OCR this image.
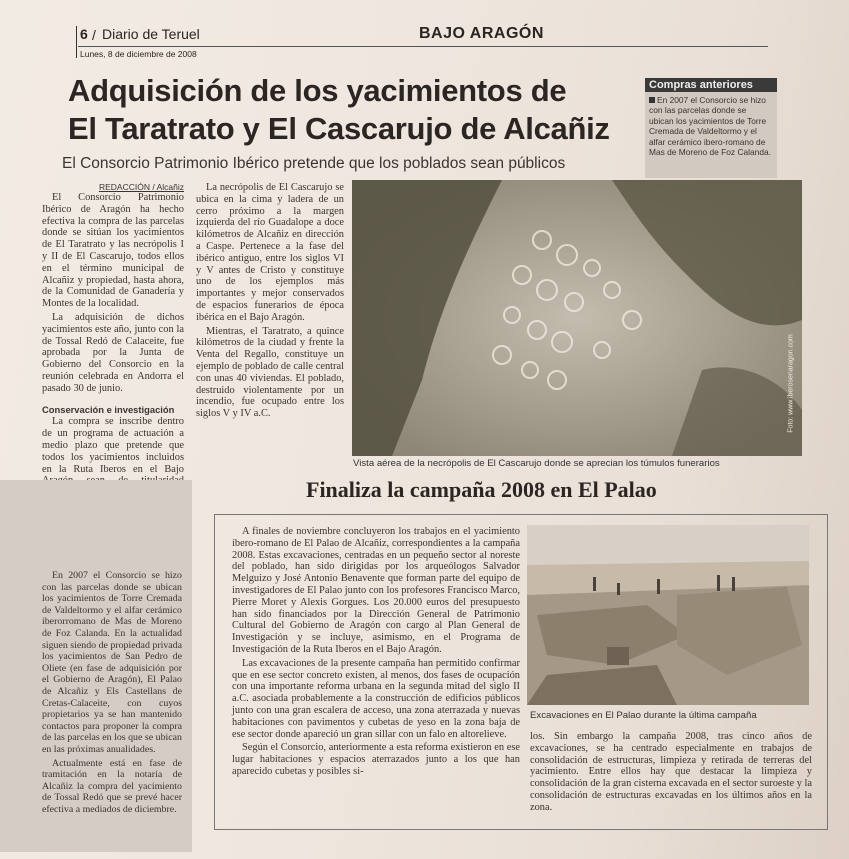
6 / Diario de Teruel	BAJO ARAGÓN
Lunes, 8 de diciembre de 2008
Adquisición de los yacimientos de
El Taratrato y El Cascarujo de Alcañiz
El Consorcio Patrimonio Ibérico pretende que los poblados sean públicos
Compras anteriores
En 2007 el Consorcio se hizo con las parcelas donde se ubican los yacimientos de Torre Cremada de Valdeltormo y el alfar cerámico ibero-romano de Mas de Moreno de Foz Calanda.
REDACCIÓN / Alcañiz

El Consorcio Patrimonio Ibérico de Aragón ha hecho efectiva la compra de las parcelas donde se sitúan los yacimientos de El Taratrato y las necrópolis I y II de El Cascarujo, todos ellos en el término municipal de Alcañiz y propiedad, hasta ahora, de la Comunidad de Ganadería y Montes de la localidad.

La adquisición de dichos yacimientos este año, junto con la de Tossal Redó de Calaceite, fue aprobada por la Junta de Gobierno del Consorcio en la reunión celebrada en Andorra el pasado 30 de junio.

Conservación e investigación

La compra se inscribe dentro de un programa de actuación a medio plazo que pretende que todos los yacimientos incluidos en la Ruta Iberos en el Bajo

En 2007 el Consorcio se hizo con las parcelas donde se ubican los yacimientos de Torre Cremada de Valdeltormo y el alfar cerámico iberorromano de Mas de Moreno de Foz Calanda. En la actualidad siguen siendo de propiedad privada los yacimientos de San Pedro de Oliete (en fase de adquisición por el Gobierno de Aragón), El Palao de Alcañiz y Els Castellans de Cretas-Calaceite, con cuyos propietarios ya se han mantenido contactos para proponer la compra de las parcelas en los que se ubican en las próximas anualidades.

Actualmente está en fase de tramitación en la notaría de Alcañiz la compra del yacimiento de Tossal Redó que se prevé hacer efectiva a mediados de diciembre.

La necrópolis de El Cascarujo se ubica en la cima y ladera de un cerro próximo a la margen izquierda del río Guadalope a doce kilómetros de Alcañiz en dirección a Caspe. Pertenece a la fase del ibérico antiguo, entre los siglos VI y V antes de Cristo y constituye uno de los ejemplos más importantes y mejor conservados de espacios funerarios de época ibérica en el Bajo Aragón.

Mientras, el Taratrato, a quince kilómetros de la ciudad y frente la Venta del Regallo, constituye un ejemplo de poblado de calle central con unas 40 viviendas. El poblado, destruido violentamente por un incendio, fue ocupado entre los siglos V y IV a.C.	Foto: www.iberosenaragon.com
Vista aérea de la necrópolis de El Cascarujo donde se aprecian los túmulos funerarios
Finaliza la campaña 2008 en El Palao

A finales de noviembre concluyeron los trabajos en el yacimiento íbero-romano de El Palao de Alcañiz, correspondientes a la campaña 2008. Estas excavaciones, centradas en un pequeño sector al noreste del poblado, han sido dirigidas por los arqueólogos Salvador Melguizo y José Antonio Benavente que forman parte del equipo de investigadores de El Palao junto con los profesores Francisco Marco, Pierre Moret y Alexis Gorgues. Los 20.000 euros del presupuesto han sido financiados por la Dirección General de Patrimonio Cultural del Gobierno de Aragón con cargo al Plan General de Investigación y se incluye, asimismo, en el Programa de Investigación de la Ruta Iberos en el Bajo Aragón.

Las excavaciones de la presente campaña han permitido confirmar que en ese sector concreto existen, al menos, dos fases de ocupación con una importante reforma urbana en la segunda mitad del siglo II a.C. asociada probablemente a la construcción de edificios públicos junto con una gran escalera de acceso, una zona aterrazada y nuevas habitaciones con pavimentos y cubetas de yeso en la zona baja de ese sector donde apareció un gran sillar con un falo en altorelieve.

Según el Consorcio, anteriormente a esta reforma existieron en ese lugar habitaciones y espacios aterrazados junto a los que han aparecido cubetas y posibles si-

Excavaciones en El Palao durante la última campaña

los. Sin embargo la campaña 2008, tras cinco años de excavaciones, se ha centrado especialmente en trabajos de consolidación de estructuras, limpieza y retirada de terreras del yacimiento. Entre ellos hay que destacar la limpieza y consolidación de la gran cisterna excavada en el sector suroeste y la consolidación de estructuras excavadas en los últimos años en la zona.
